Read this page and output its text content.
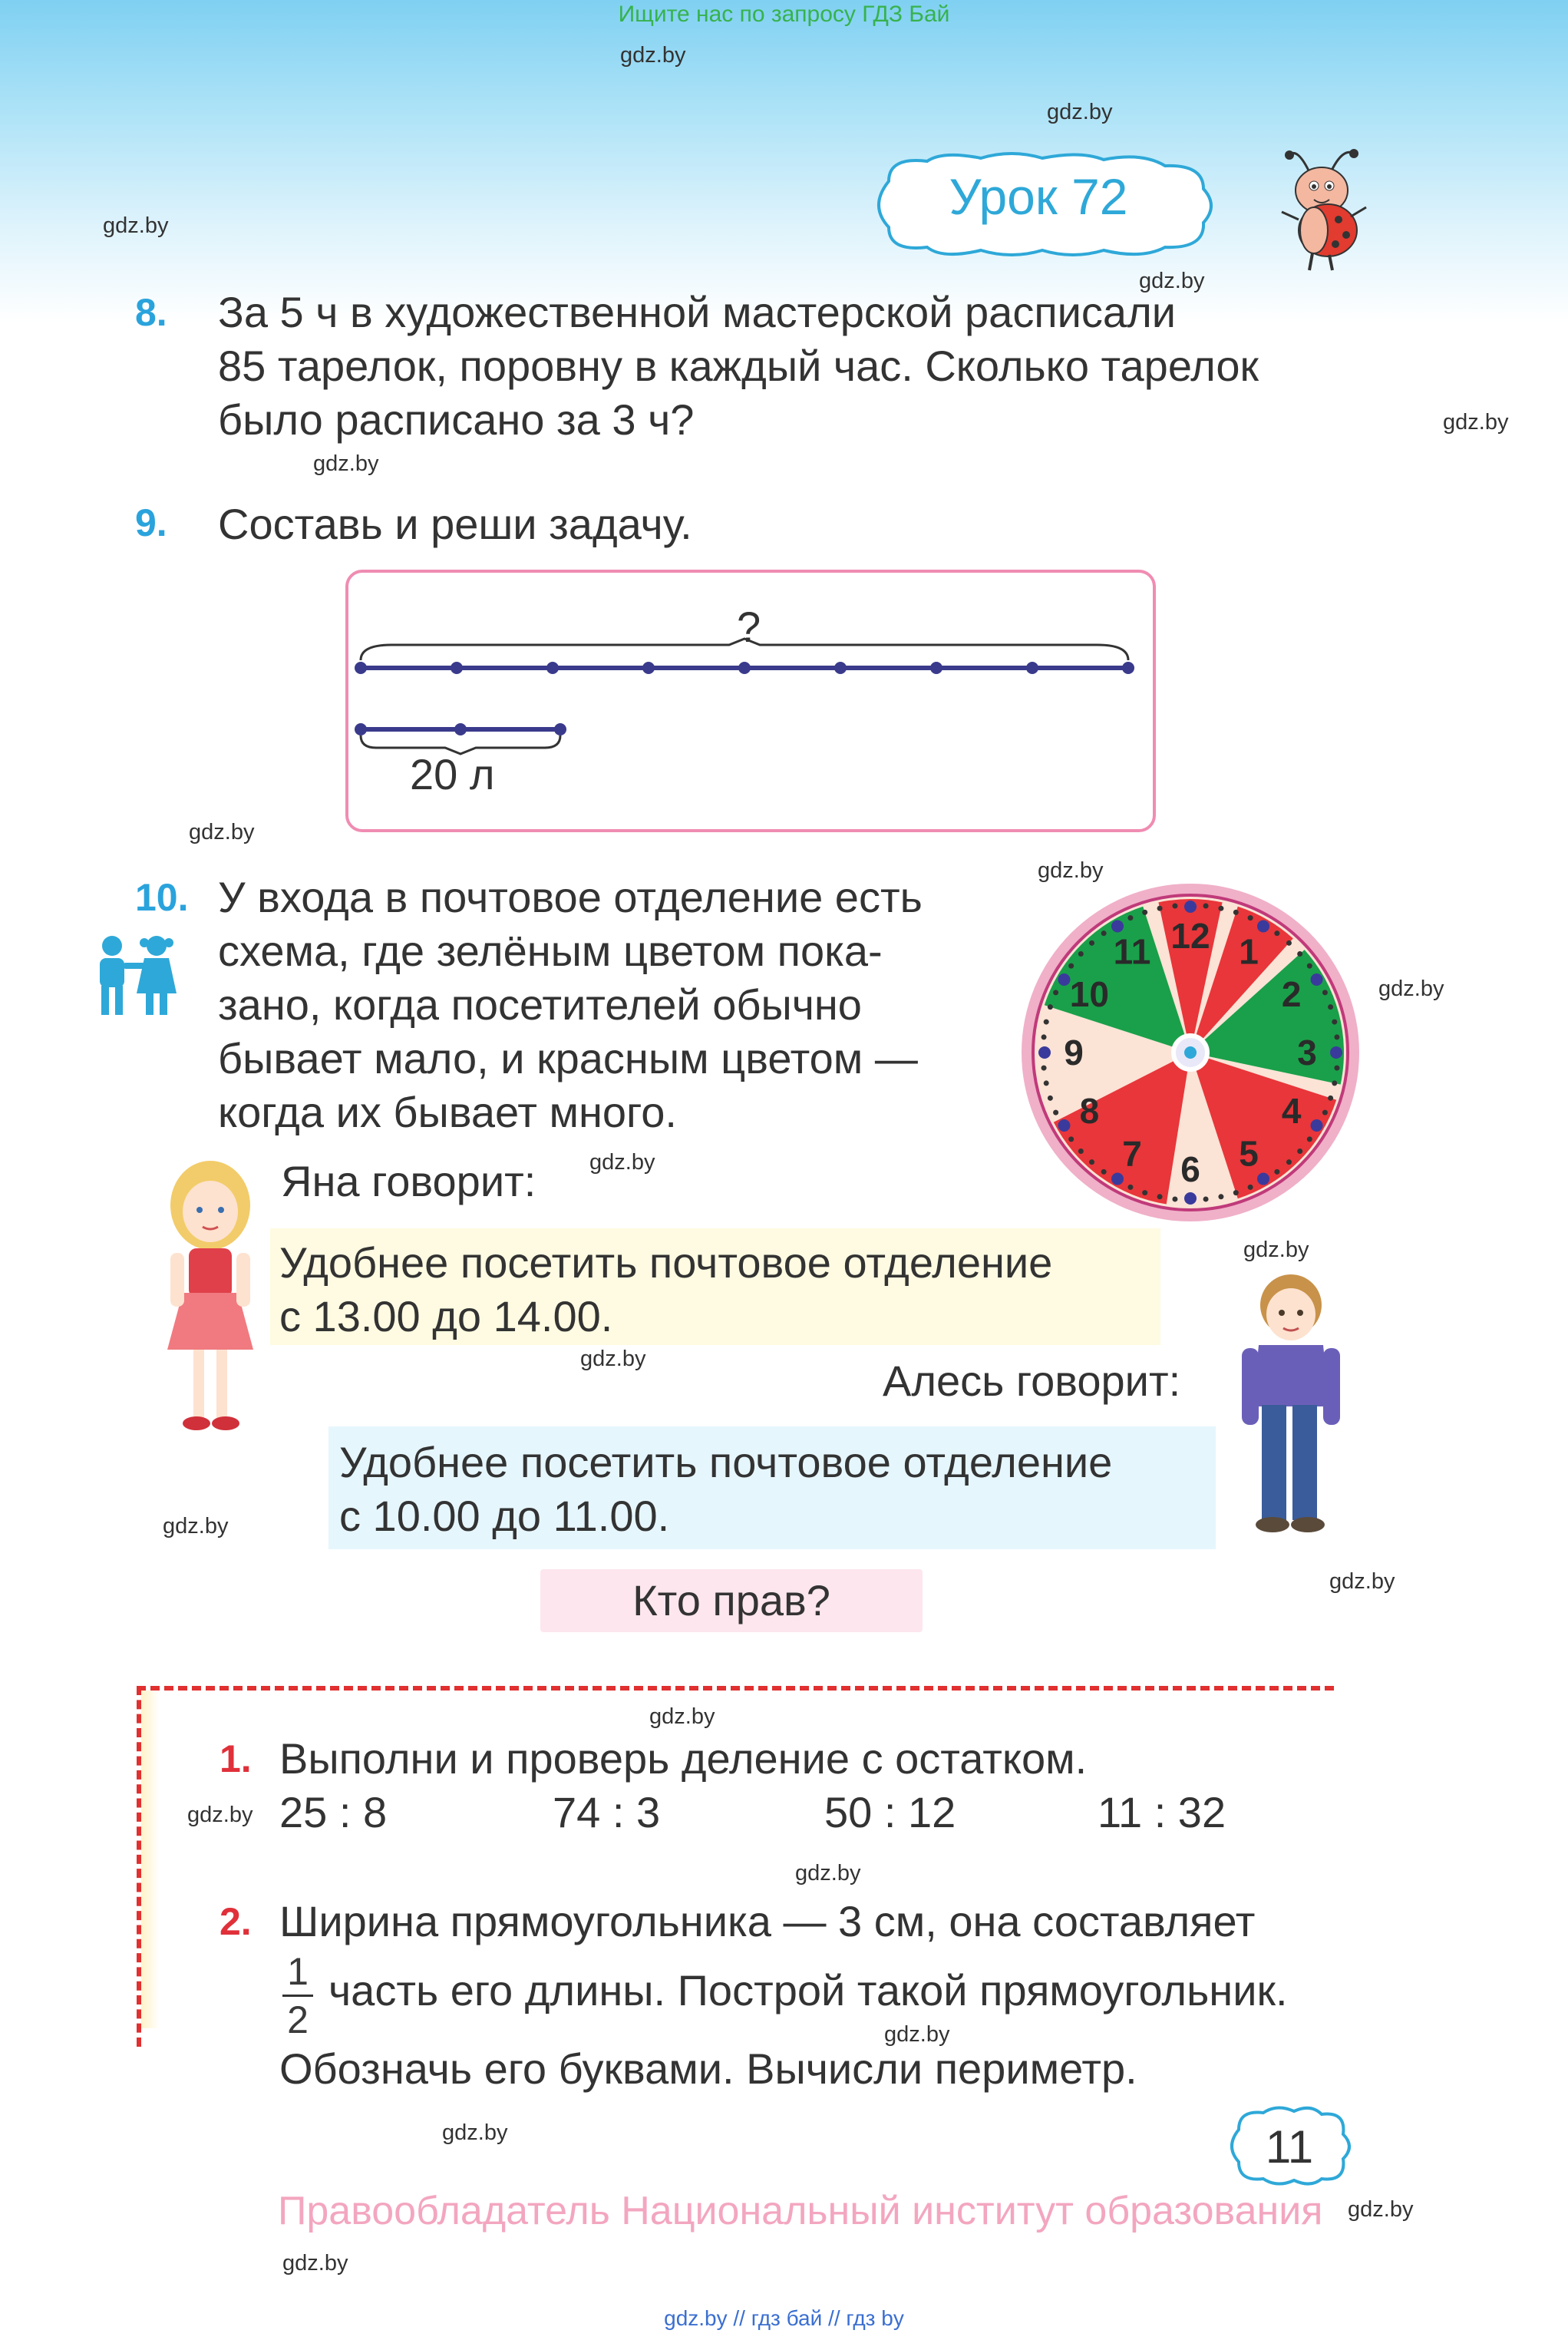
Ищите нас по запросу ГДЗ Бай
gdz.by
gdz.by
gdz.by
gdz.by
gdz.by
gdz.by
gdz.by
gdz.by
gdz.by
gdz.by
gdz.by
gdz.by
gdz.by
gdz.by
gdz.by
gdz.by
gdz.by
gdz.by
gdz.by
gdz.by
gdz.by
Урок 72
8. За 5 ч в художественной мастерской расписали
85 тарелок, поровну в каждый час. Сколько тарелок
было расписано за 3 ч?
9. Составь и реши задачу.
?
20 л
10. У входа в почтовое отделение есть
схема, где зелёным цветом пока-
зано, когда посетителей обычно
бывает мало, и красным цветом —
когда их бывает много.
12 1
2
3
4
5
6
7
8
9
10
11
Яна говорит:
Удобнее посетить почтовое отделение
с 13.00 до 14.00.
Алесь говорит:
Удобнее посетить почтовое отделение
с 10.00 до 11.00.
Кто прав?
1. Выполни и проверь деление с остатком.
25 : 8	74 : 3	50 : 12	11 : 32
2. Ширина прямоугольника — 3 см, она составляет
1
2
часть его длины. Построй такой прямоугольник.
Обозначь его буквами. Вычисли периметр.
11
Правообладатель Национальный институт образования
gdz.by // гдз бай // гдз by
